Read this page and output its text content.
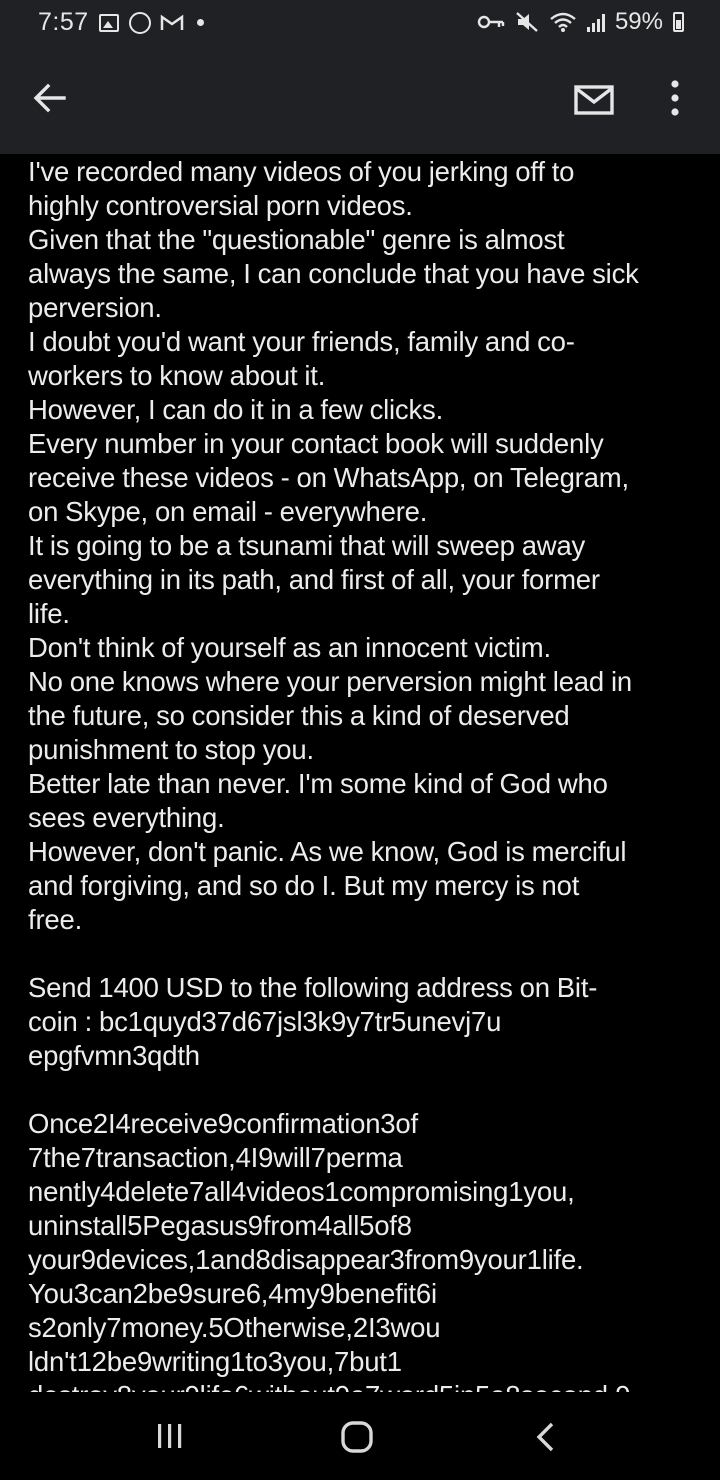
7:57	59%
I've recorded many videos of you jerking off to
highly controversial porn videos.
Given that the "questionable" genre is almost
always the same, I can conclude that you have sick
perversion.
I doubt you'd want your friends, family and co-
workers to know about it.
However, I can do it in a few clicks.
Every number in your contact book will suddenly
receive these videos - on WhatsApp, on Telegram,
on Skype, on email - everywhere.
It is going to be a tsunami that will sweep away
everything in its path, and first of all, your former
life.
Don't think of yourself as an innocent victim.
No one knows where your perversion might lead in
the future, so consider this a kind of deserved
punishment to stop you.
Better late than never. I'm some kind of God who
sees everything.
However, don't panic. As we know, God is merciful
and forgiving, and so do I. But my mercy is not
free.
Send 1400 USD to the following address on Bit-
coin : bc1quyd37d67jsl3k9y7tr5unevj7u
epgfvmn3qdth
Once2I4receive9confirmation3of
7the7transaction,4I9will7perma
nently4delete7all4videos1compromising1you,
uninstall5Pegasus9from4all5of8
your9devices,1and8disappear3from9your1life.
You3can2be9sure6,4my9benefit6i
s2only7money.5Otherwise,2I3wou
ldn't12be9writing1to3you,7but1
